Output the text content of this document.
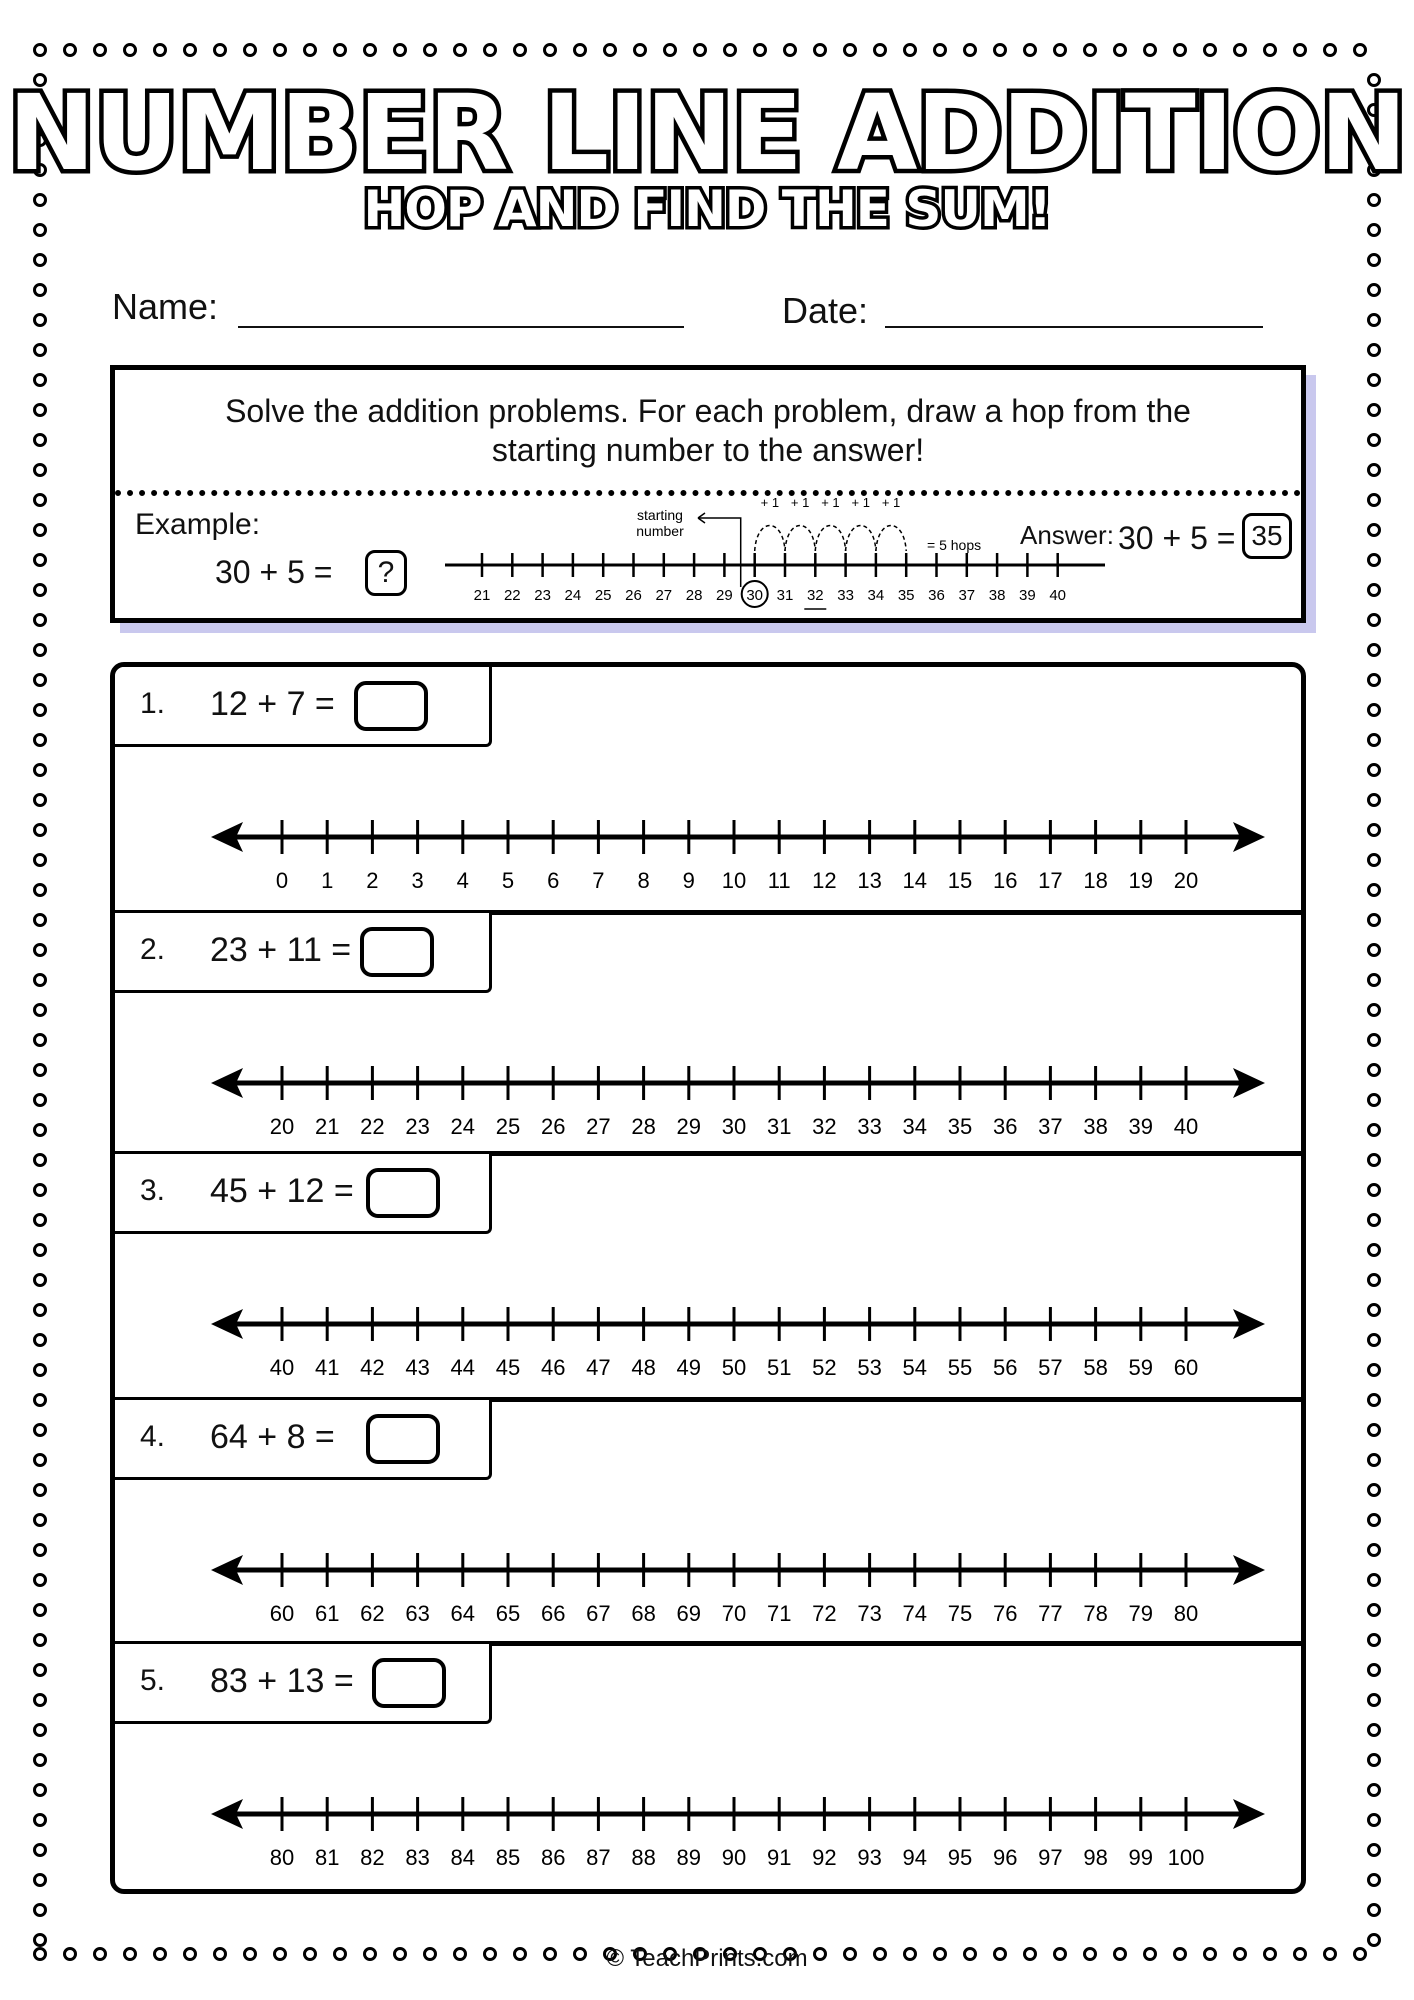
NUMBER LINE ADDITION
HOP AND FIND THE SUM!
Name:	Date:
Solve the addition problems. For each problem, draw a hop from the
starting number to the answer!
Example:
30 + 5 =	?
21 22 23 24 25 26 27 28 29 30 31 32 33 34 35 36 37 38 39 40
starting
number
+ 1 + 1 + 1 + 1 + 1
= 5 hops Answer: 30 + 5 = 35
1. 12 + 7 =
0 1 2 3 4 5 6 7 8 9 10 11 12 13 14 15 16 17 18 19 20
2. 23 + 11 =
20 21 22 23 24 25 26 27 28 29 30 31 32 33 34 35 36 37 38 39 40
3. 45 + 12 =
40 41 42 43 44 45 46 47 48 49 50 51 52 53 54 55 56 57 58 59 60
4. 64 + 8 =
60 61 62 63 64 65 66 67 68 69 70 71 72 73 74 75 76 77 78 79 80
5. 83 + 13 =
80 81 82 83 84 85 86 87 88 89 90 91 92 93 94 95 96 97 98 99 100
© TeachPrints.com
